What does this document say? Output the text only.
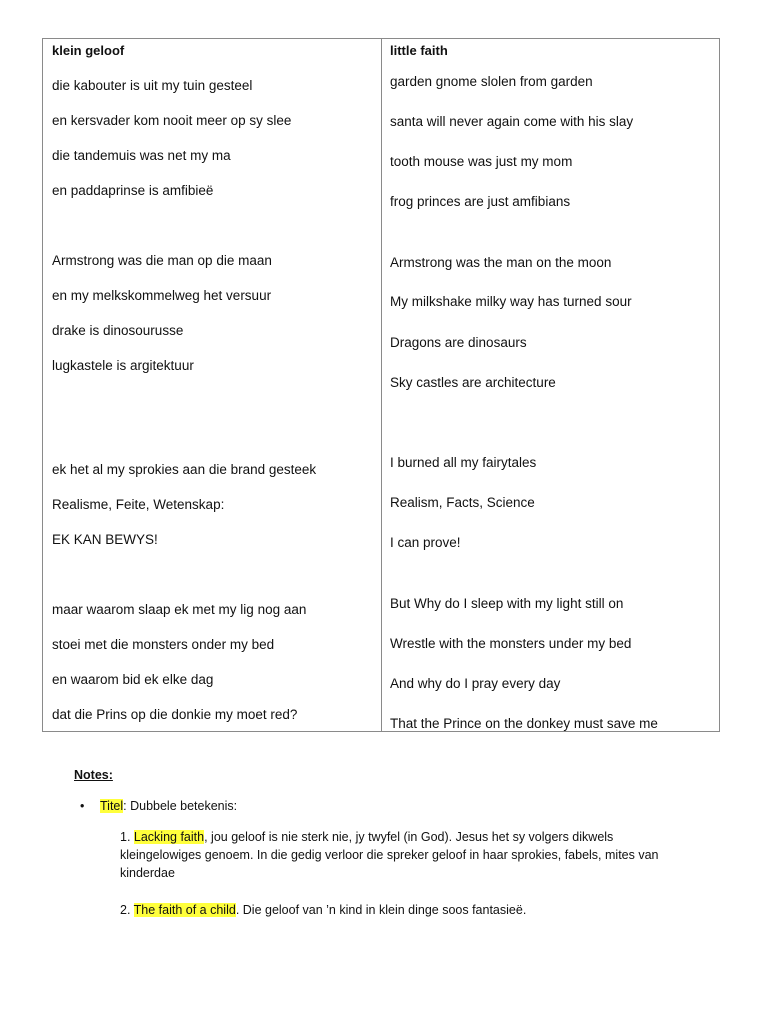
klein geloof
die kabouter is uit my tuin gesteel
en kersvader kom nooit meer op sy slee
die tandemuis was net my ma
en paddaprinse is amfibieë
Armstrong was die man op die maan
en my melkskommelweg het versuur
drake is dinosourusse
lugkastele is argitektuur
ek het al my sprokies aan die brand gesteek
Realisme, Feite, Wetenskap:
EK KAN BEWYS!
maar waarom slaap ek met my lig nog aan
stoei met die monsters onder my bed
en waarom bid ek elke dag
dat die Prins op die donkie my moet red?
little faith
garden gnome slolen from garden
santa will never again come with his slay
tooth mouse was just my mom
frog princes are just amfibians
Armstrong was the man on the moon
My milkshake milky way has turned sour
Dragons are dinosaurs
Sky castles are architecture
I burned all my fairytales
Realism, Facts, Science
I can prove!
But Why do I sleep with my light still on
Wrestle with the monsters under my bed
And why do I pray every day
That the Prince on the donkey must save me
Notes:
• Titel: Dubbele betekenis:
1. Lacking faith, jou geloof is nie sterk nie, jy twyfel (in God). Jesus het sy volgers dikwels kleingelowiges genoem. In die gedig verloor die spreker geloof in haar sprokies, fabels, mites van kinderdae
2. The faith of a child. Die geloof van ’n kind in klein dinge soos fantasieë.
